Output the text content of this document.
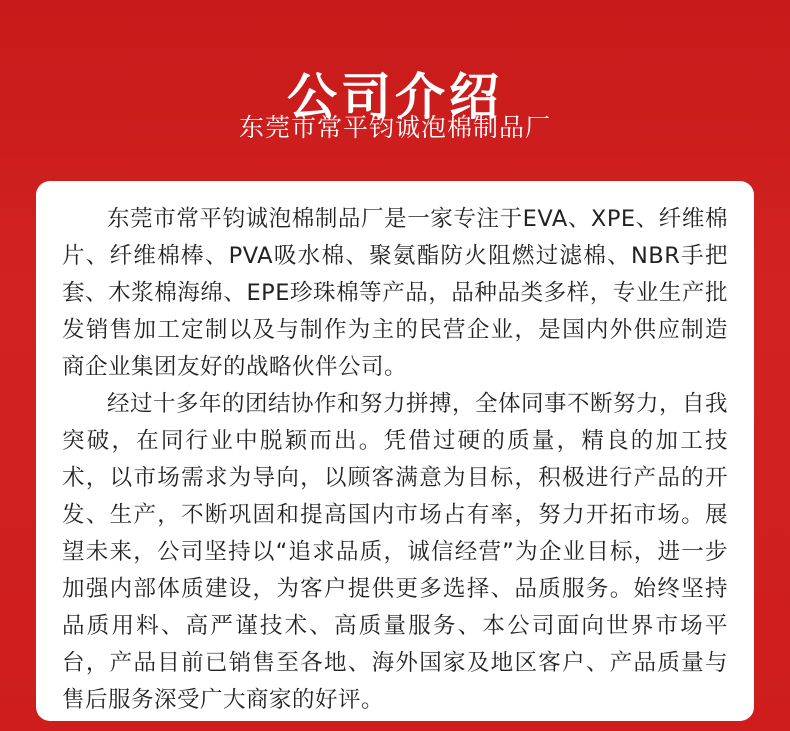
公司介绍
东莞市常平钧诚泡棉制品厂

东莞市常平钧诚泡棉制品厂是一家专注于EVA、XPE、纤维棉片、纤维棉棒、PVA吸水棉、聚氨酯防火阻燃过滤棉、NBR手把套、木浆棉海绵、EPE珍珠棉等产品，品种品类多样，专业生产批发销售加工定制以及与制作为主的民营企业，是国内外供应制造商企业集团友好的战略伙伴公司。

经过十多年的团结协作和努力拼搏，全体同事不断努力，自我突破，在同行业中脱颖而出。凭借过硬的质量，精良的加工技术，以市场需求为导向，以顾客满意为目标，积极进行产品的开发、生产，不断巩固和提高国内市场占有率，努力开拓市场。展望未来，公司坚持以“追求品质，诚信经营”为企业目标，进一步加强内部体质建设，为客户提供更多选择、品质服务。始终坚持品质用料、高严谨技术、高质量服务、本公司面向世界市场平台，产品目前已销售至各地、海外国家及地区客户、产品质量与售后服务深受广大商家的好评。
